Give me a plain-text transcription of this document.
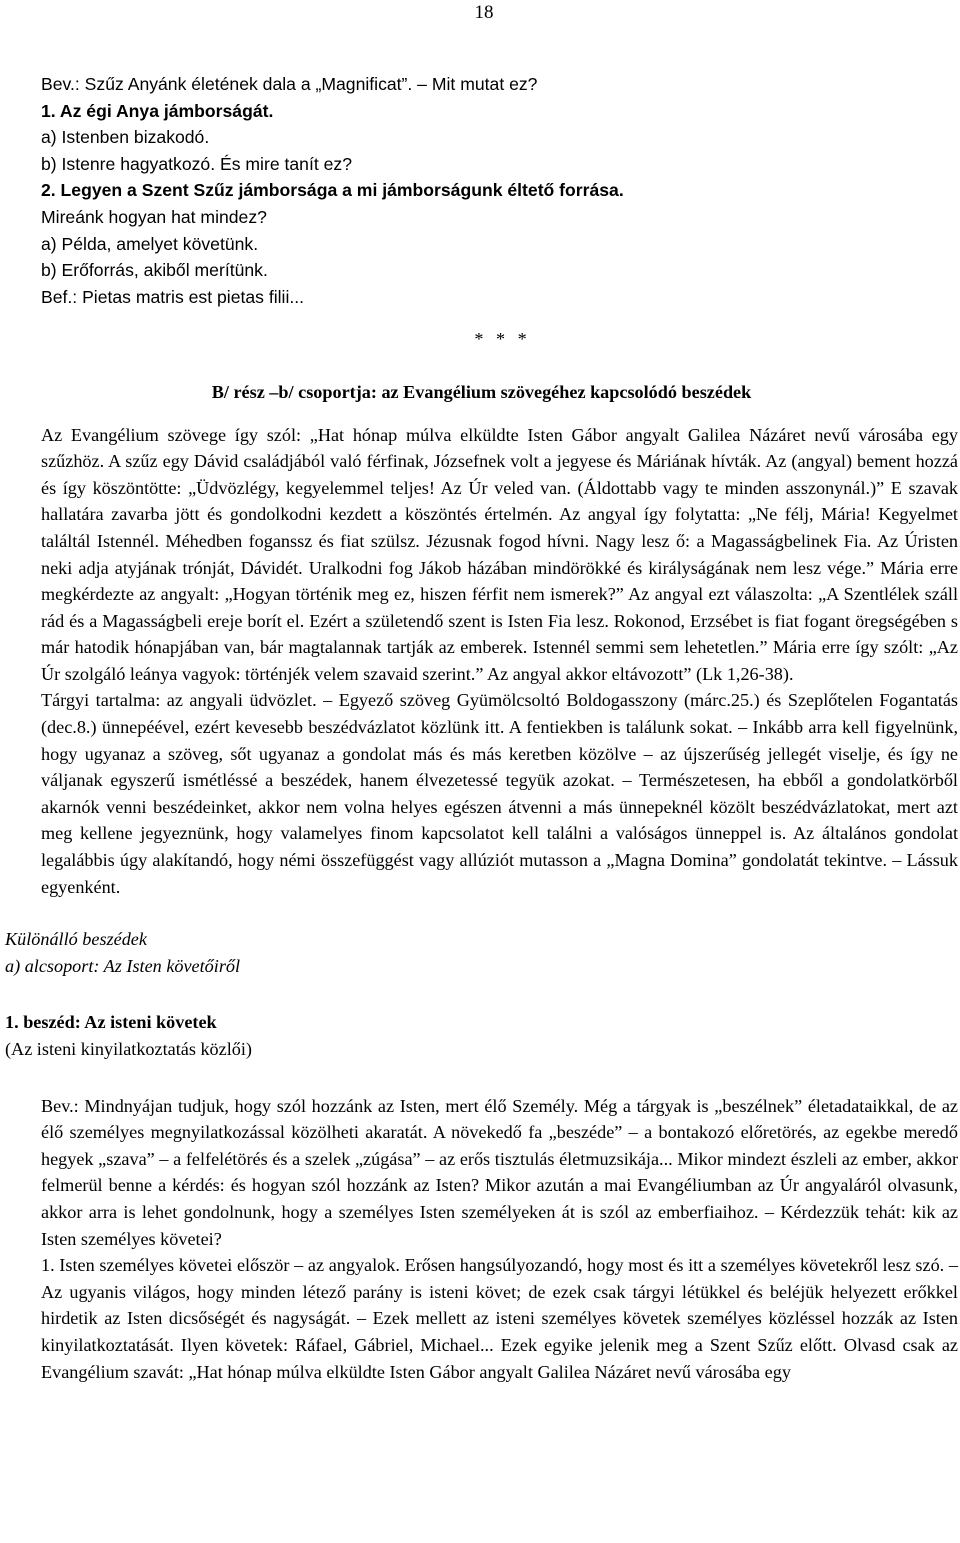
18

Bev.: Szűz Anyánk életének dala a „Magnificat”. – Mit mutat ez?

1. Az égi Anya jámborságát.

a) Istenben bizakodó.

b) Istenre hagyatkozó. És mire tanít ez?

2. Legyen a Szent Szűz jámborsága a mi jámborságunk éltető forrása.

Mireánk hogyan hat mindez?

a) Példa, amelyet követünk.

b) Erőforrás, akiből merítünk.

Bef.: Pietas matris est pietas filii...

* * *

B/ rész –b/ csoportja: az Evangélium szövegéhez kapcsolódó beszédek

Az Evangélium szövege így szól: „Hat hónap múlva elküldte Isten Gábor angyalt Galilea Názáret nevű városába egy szűzhöz. A szűz egy Dávid családjából való férfinak, Józsefnek volt a jegyese és Máriának hívták. Az (angyal) bement hozzá és így köszöntötte: „Üdvözlégy, kegyelemmel teljes! Az Úr veled van. (Áldottabb vagy te minden asszonynál.)” E szavak hallatára zavarba jött és gondolkodni kezdett a köszöntés értelmén. Az angyal így folytatta: „Ne félj, Mária! Kegyelmet találtál Istennél. Méhedben foganssz és fiat szülsz. Jézusnak fogod hívni. Nagy lesz ő: a Magasságbelinek Fia. Az Úristen neki adja atyjának trónját, Dávidét. Uralkodni fog Jákob házában mindörökké és királyságának nem lesz vége.” Mária erre megkérdezte az angyalt: „Hogyan történik meg ez, hiszen férfit nem ismerek?” Az angyal ezt válaszolta: „A Szentlélek száll rád és a Magasságbeli ereje borít el. Ezért a születendő szent is Isten Fia lesz. Rokonod, Erzsébet is fiat fogant öregségében s már hatodik hónapjában van, bár magtalannak tartják az emberek. Istennél semmi sem lehetetlen.” Mária erre így szólt: „Az Úr szolgáló leánya vagyok: történjék velem szavaid szerint.” Az angyal akkor eltávozott” (Lk 1,26-38).

Tárgyi tartalma: az angyali üdvözlet. – Egyező szöveg Gyümölcsoltó Boldogasszony (márc.25.) és Szeplőtelen Fogantatás (dec.8.) ünnepéével, ezért kevesebb beszédvázlatot közlünk itt. A fentiekben is találunk sokat. – Inkább arra kell figyelnünk, hogy ugyanaz a szöveg, sőt ugyanaz a gondolat más és más keretben közölve – az újszerűség jellegét viselje, és így ne váljanak egyszerű ismétléssé a beszédek, hanem élvezetessé tegyük azokat. – Természetesen, ha ebből a gondolatkörből akarnók venni beszédeinket, akkor nem volna helyes egészen átvenni a más ünnepeknél közölt beszédvázlatokat, mert azt meg kellene jegyeznünk, hogy valamelyes finom kapcsolatot kell találni a valóságos ünneppel is. Az általános gondolat legalábbis úgy alakítandó, hogy némi összefüggést vagy allúziót mutasson a „Magna Domina” gondolatát tekintve. – Lássuk egyenként.

Különálló beszédek

a) alcsoport: Az Isten követőiről

1. beszéd: Az isteni követek

(Az isteni kinyilatkoztatás közlői)

Bev.: Mindnyájan tudjuk, hogy szól hozzánk az Isten, mert élő Személy. Még a tárgyak is „beszélnek” életadataikkal, de az élő személyes megnyilatkozással közölheti akaratát. A növekedő fa „beszéde” – a bontakozó előretörés, az egekbe meredő hegyek „szava” – a felfelétörés és a szelek „zúgása” – az erős tisztulás életmuzsikája... Mikor mindezt észleli az ember, akkor felmerül benne a kérdés: és hogyan szól hozzánk az Isten? Mikor azután a mai Evangéliumban az Úr angyaláról olvasunk, akkor arra is lehet gondolnunk, hogy a személyes Isten személyeken át is szól az emberfiaihoz. – Kérdezzük tehát: kik az Isten személyes követei?

1. Isten személyes követei először – az angyalok. Erősen hangsúlyozandó, hogy most és itt a személyes követekről lesz szó. – Az ugyanis világos, hogy minden létező parány is isteni követ; de ezek csak tárgyi létükkel és beléjük helyezett erőkkel hirdetik az Isten dicsőségét és nagyságát. – Ezek mellett az isteni személyes követek személyes közléssel hozzák az Isten kinyilatkoztatását. Ilyen követek: Ráfael, Gábriel, Michael... Ezek egyike jelenik meg a Szent Szűz előtt. Olvasd csak az Evangélium szavát: „Hat hónap múlva elküldte Isten Gábor angyalt Galilea Názáret nevű városába egy
